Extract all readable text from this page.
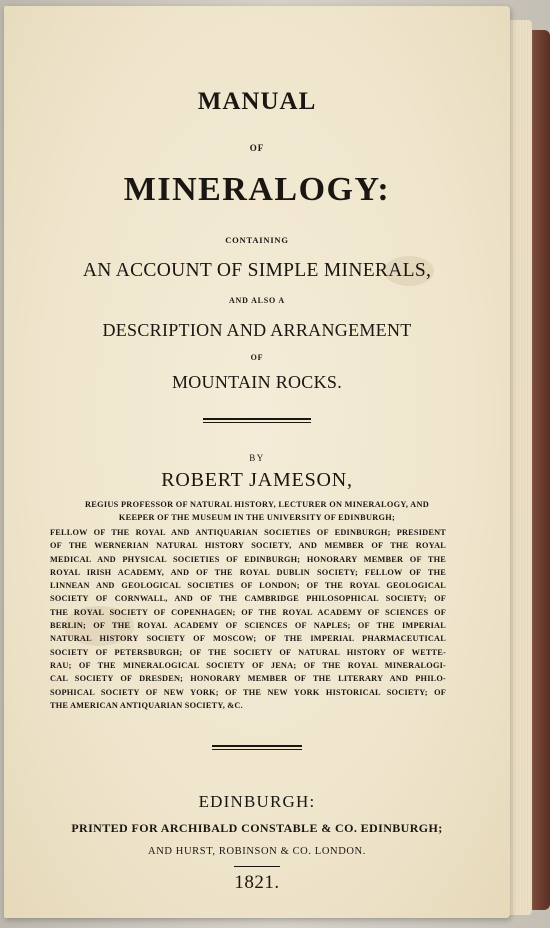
MANUAL
OF
MINERALOGY:
CONTAINING
AN ACCOUNT OF SIMPLE MINERALS,
AND ALSO A
DESCRIPTION AND ARRANGEMENT
OF
MOUNTAIN ROCKS.
BY
ROBERT JAMESON,
REGIUS PROFESSOR OF NATURAL HISTORY, LECTURER ON MINERALOGY, AND
KEEPER OF THE MUSEUM IN THE UNIVERSITY OF EDINBURGH;
FELLOW OF THE ROYAL AND ANTIQUARIAN SOCIETIES OF EDINBURGH; PRESIDENT
OF THE WERNERIAN NATURAL HISTORY SOCIETY, AND MEMBER OF THE ROYAL
MEDICAL AND PHYSICAL SOCIETIES OF EDINBURGH; HONORARY MEMBER OF THE
ROYAL IRISH ACADEMY, AND OF THE ROYAL DUBLIN SOCIETY; FELLOW OF THE
LINNEAN AND GEOLOGICAL SOCIETIES OF LONDON; OF THE ROYAL GEOLOGICAL
SOCIETY OF CORNWALL, AND OF THE CAMBRIDGE PHILOSOPHICAL SOCIETY; OF
THE ROYAL SOCIETY OF COPENHAGEN; OF THE ROYAL ACADEMY OF SCIENCES OF
BERLIN; OF THE ROYAL ACADEMY OF SCIENCES OF NAPLES; OF THE IMPERIAL
NATURAL HISTORY SOCIETY OF MOSCOW; OF THE IMPERIAL PHARMACEUTICAL
SOCIETY OF PETERSBURGH; OF THE SOCIETY OF NATURAL HISTORY OF WETTE-
RAU; OF THE MINERALOGICAL SOCIETY OF JENA; OF THE ROYAL MINERALOGI-
CAL SOCIETY OF DRESDEN; HONORARY MEMBER OF THE LITERARY AND PHILO-
SOPHICAL SOCIETY OF NEW YORK; OF THE NEW YORK HISTORICAL SOCIETY; OF
THE AMERICAN ANTIQUARIAN SOCIETY, &C.
EDINBURGH:
PRINTED FOR ARCHIBALD CONSTABLE & CO. EDINBURGH;
AND HURST, ROBINSON & CO. LONDON.
1821.
